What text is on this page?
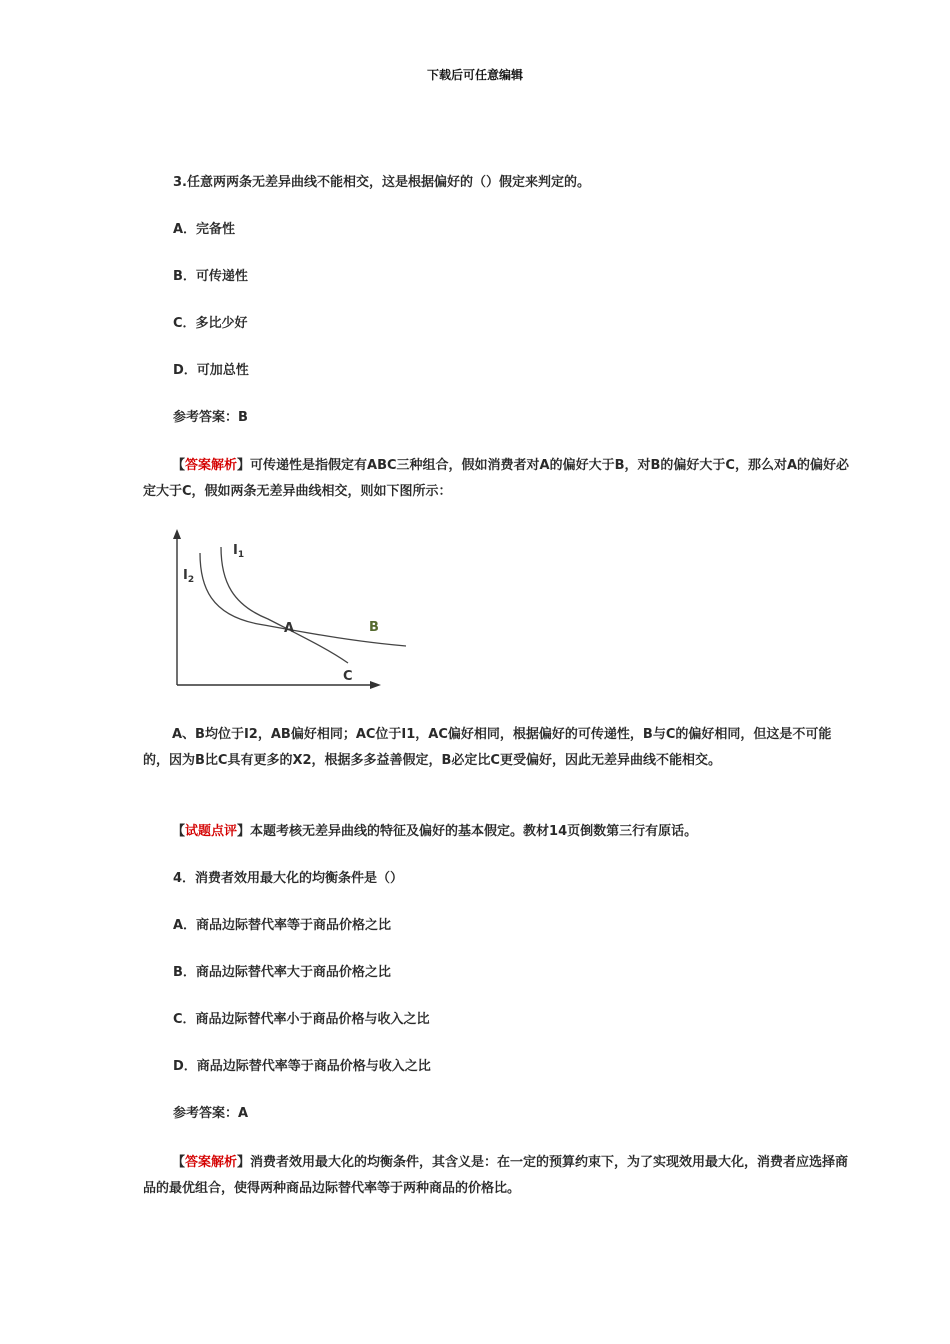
下载后可任意编辑
3.任意两两条无差异曲线不能相交，这是根据偏好的（）假定来判定的。
A．完备性
B．可传递性
C．多比少好
D．可加总性
参考答案：B
【答案解析】可传递性是指假定有ABC三种组合，假如消费者对A的偏好大于B，对B的偏好大于C，那么对A的偏好必定大于C，假如两条无差异曲线相交，则如下图所示：
$I_1$
$I_2$
A	B
C
A、B均位于I2，AB偏好相同；AC位于I1，AC偏好相同，根据偏好的可传递性，B与C的偏好相同，但这是不可能的，因为B比C具有更多的X2，根据多多益善假定，B必定比C更受偏好，因此无差异曲线不能相交。
【试题点评】本题考核无差异曲线的特征及偏好的基本假定。教材14页倒数第三行有原话。
4．消费者效用最大化的均衡条件是（）
A．商品边际替代率等于商品价格之比
B．商品边际替代率大于商品价格之比
C．商品边际替代率小于商品价格与收入之比
D．商品边际替代率等于商品价格与收入之比
参考答案：A
【答案解析】消费者效用最大化的均衡条件，其含义是：在一定的预算约束下，为了实现效用最大化，消费者应选择商品的最优组合，使得两种商品边际替代率等于两种商品的价格比。
